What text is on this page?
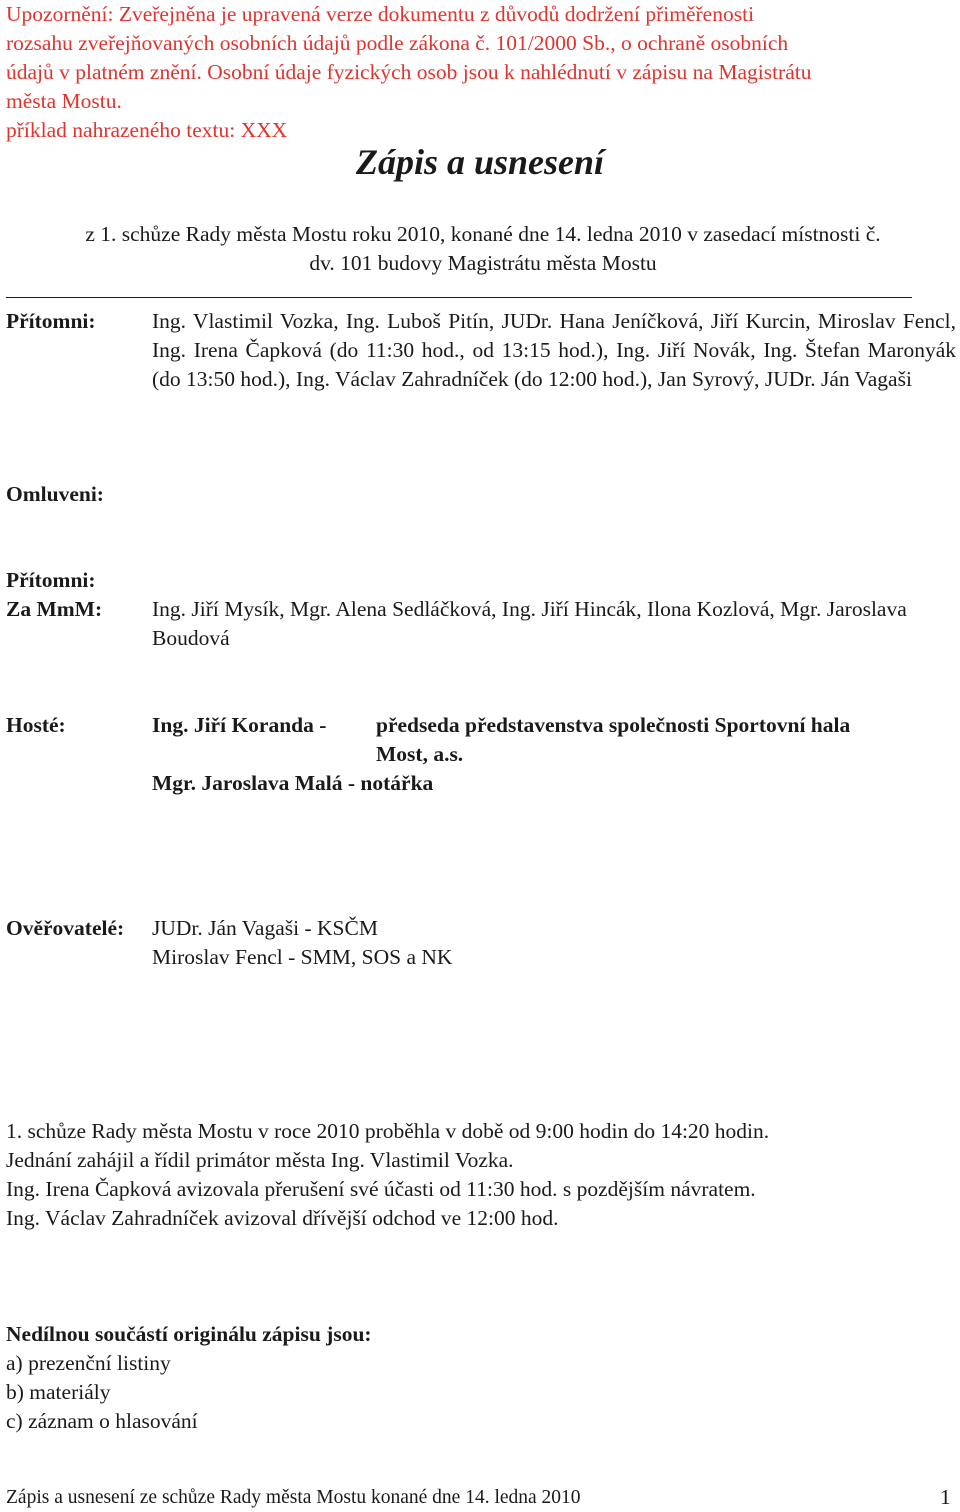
Upozornění: Zveřejněna je upravená verze dokumentu z důvodů dodržení přiměřenosti

rozsahu zveřejňovaných osobních údajů podle zákona č. 101/2000 Sb., o ochraně osobních

údajů v platném znění. Osobní údaje fyzických osob jsou k nahlédnutí v zápisu na Magistrátu

města Mostu.

příklad nahrazeného textu: XXX

Zápis a usnesení
z 1. schůze Rady města Mostu roku 2010, konané dne 14. ledna 2010 v zasedací místnosti č.
dv. 101 budovy Magistrátu města Mostu
Přítomni:	Ing. Vlastimil Vozka, Ing. Luboš Pitín, JUDr. Hana Jeníčková, Jiří Kurcin, Miroslav Fencl, Ing. Irena Čapková (do 11:30 hod., od 13:15 hod.), Ing. Jiří Novák, Ing. Štefan Maronyák (do 13:50 hod.), Ing. Václav Zahradníček (do 12:00 hod.), Jan Syrový, JUDr. Ján Vagaši
Omluveni:
Přítomni:
Za MmM: Ing. Jiří Mysík, Mgr. Alena Sedláčková, Ing. Jiří Hincák, Ilona Kozlová, Mgr. Jaroslava Boudová
Hosté:	Ing. Jiří Koranda -	předseda představenstva společnosti Sportovní hala
Most, a.s.
Mgr. Jaroslava Malá - notářka
Ověřovatelé: JUDr. Ján Vagaši - KSČM
Miroslav Fencl - SMM, SOS a NK

1. schůze Rady města Mostu v roce 2010 proběhla v době od 9:00 hodin do 14:20 hodin.

Jednání zahájil a řídil primátor města Ing. Vlastimil Vozka.

Ing. Irena Čapková avizovala přerušení své účasti od 11:30 hod. s pozdějším návratem.

Ing. Václav Zahradníček avizoval dřívější odchod ve 12:00 hod.

Nedílnou součástí originálu zápisu jsou:

a) prezenční listiny

b) materiály

c) záznam o hlasování

Zápis a usnesení ze schůze Rady města Mostu konané dne 14. ledna 2010	1
